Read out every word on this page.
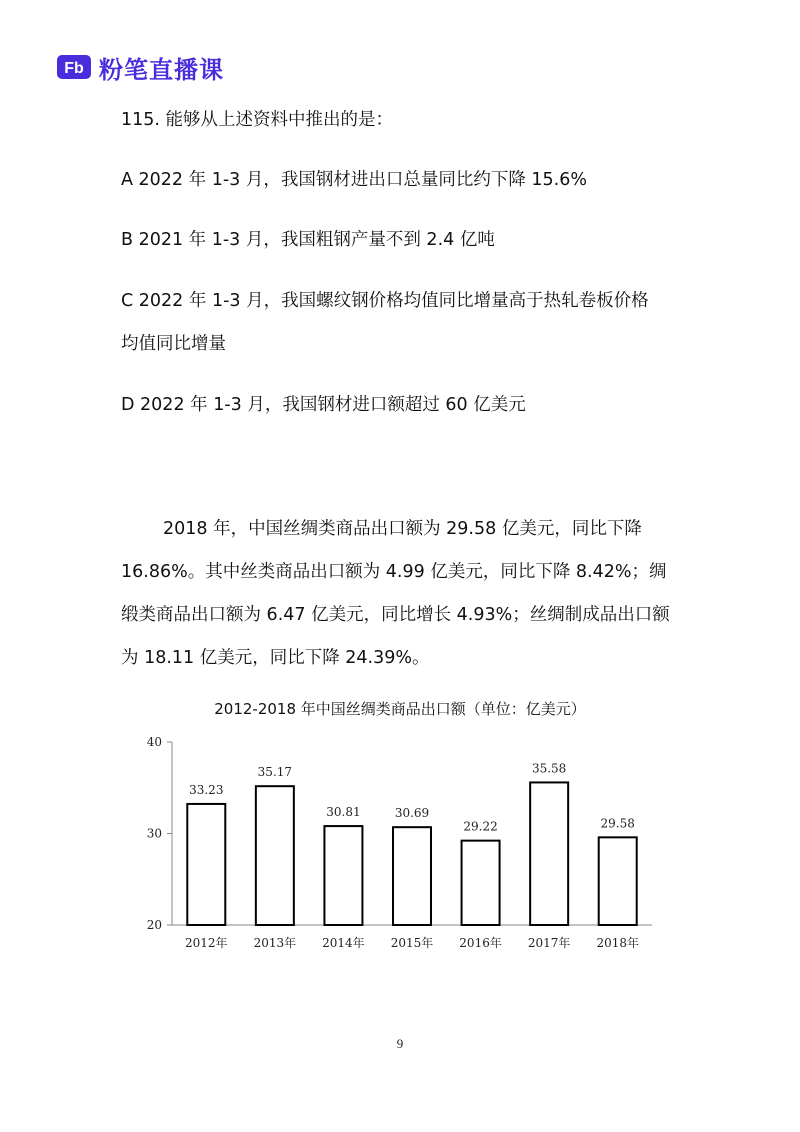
Fb 粉笔直播课
115. 能够从上述资料中推出的是：
A 2022 年 1-3 月，我国钢材进出口总量同比约下降 15.6%
B 2021 年 1-3 月，我国粗钢产量不到 2.4 亿吨
C 2022 年 1-3 月，我国螺纹钢价格均值同比增量高于热轧卷板价格
均值同比增量
D 2022 年 1-3 月，我国钢材进口额超过 60 亿美元
2018 年，中国丝绸类商品出口额为 29.58 亿美元，同比下降
16.86%。其中丝类商品出口额为 4.99 亿美元，同比下降 8.42%；绸
缎类商品出口额为 6.47 亿美元，同比增长 4.93%；丝绸制成品出口额
为 18.11 亿美元，同比下降 24.39%。
2012-2018 年中国丝绸类商品出口额（单位：亿美元）
20
30
40
33.23
35.17
30.81	30.69
29.22
35.58
29.58
2012年 2013年 2014年 2015年 2016年 2017年 2018年
9
